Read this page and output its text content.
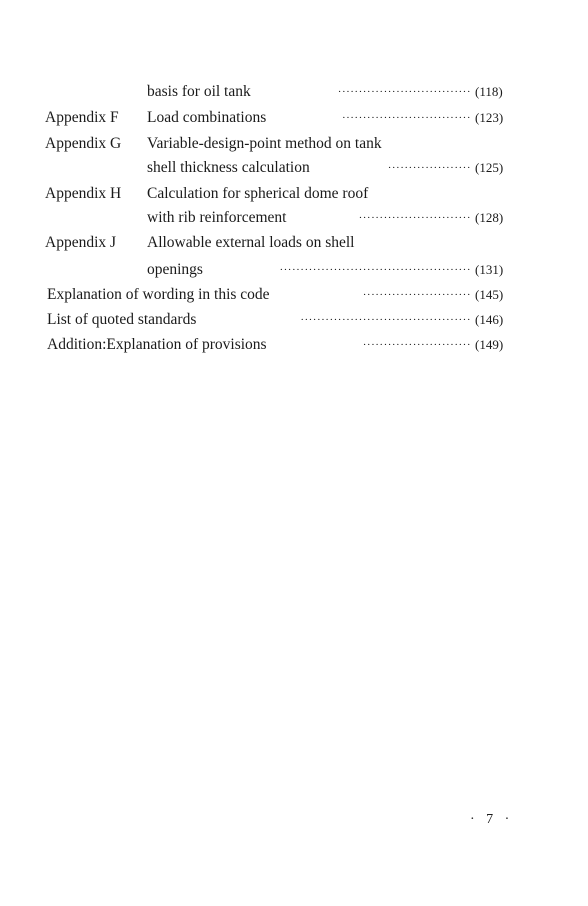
basis for oil tank	································ (118)
Appendix F Load combinations	······························· (123)
Appendix G Variable-design-point method on tank
shell thickness calculation	···················· (125)
Appendix H Calculation for spherical dome roof
with rib reinforcement	··························· (128)
Appendix J Allowable external loads on shell
openings	·············································· (131)
Explanation of wording in this code	·························· (145)
List of quoted standards	········································· (146)
Addition:Explanation of provisions	·························· (149)
· 7 ·
